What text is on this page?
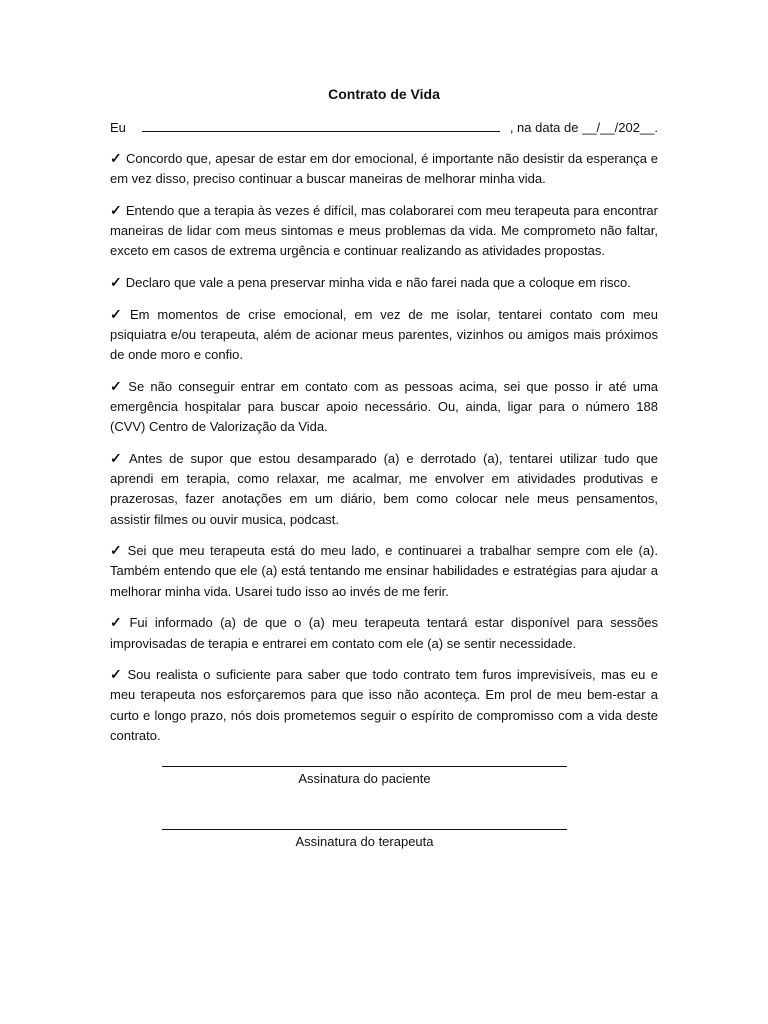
Contrato de Vida
Eu	, na data de __/__/202__.

✓ Concordo que, apesar de estar em dor emocional, é importante não desistir da esperança e em vez disso, preciso continuar a buscar maneiras de melhorar minha vida.

✓ Entendo que a terapia às vezes é difícil, mas colaborarei com meu terapeuta para encontrar maneiras de lidar com meus sintomas e meus problemas da vida. Me comprometo não faltar, exceto em casos de extrema urgência e continuar realizando as atividades propostas.

✓ Declaro que vale a pena preservar minha vida e não farei nada que a coloque em risco.

✓ Em momentos de crise emocional, em vez de me isolar, tentarei contato com meu psiquiatra e/ou terapeuta, além de acionar meus parentes, vizinhos ou amigos mais próximos de onde moro e confio.

✓ Se não conseguir entrar em contato com as pessoas acima, sei que posso ir até uma emergência hospitalar para buscar apoio necessário. Ou, ainda, ligar para o número 188 (CVV) Centro de Valorização da Vida.

✓ Antes de supor que estou desamparado (a) e derrotado (a), tentarei utilizar tudo que aprendi em terapia, como relaxar, me acalmar, me envolver em atividades produtivas e prazerosas, fazer anotações em um diário, bem como colocar nele meus pensamentos, assistir filmes ou ouvir musica, podcast.

✓ Sei que meu terapeuta está do meu lado, e continuarei a trabalhar sempre com ele (a). Também entendo que ele (a) está tentando me ensinar habilidades e estratégias para ajudar a melhorar minha vida. Usarei tudo isso ao invés de me ferir.

✓ Fui informado (a) de que o (a) meu terapeuta tentará estar disponível para sessões improvisadas de terapia e entrarei em contato com ele (a) se sentir necessidade.

✓ Sou realista o suficiente para saber que todo contrato tem furos imprevisíveis, mas eu e meu terapeuta nos esforçaremos para que isso não aconteça. Em prol de meu bem-estar a curto e longo prazo, nós dois prometemos seguir o espírito de compromisso com a vida deste contrato.

Assinatura do paciente
Assinatura do terapeuta
